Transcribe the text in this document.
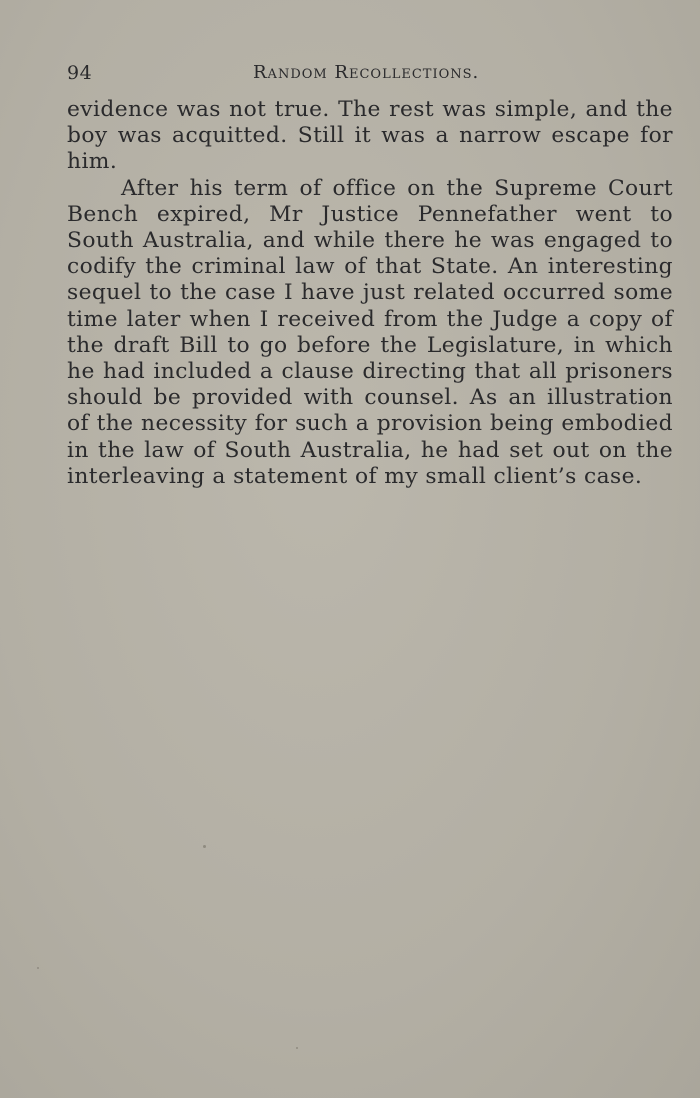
94	Random Recollections.

evidence was not true. The rest was simple, and the boy was acquitted. Still it was a narrow escape for him.

After his term of office on the Supreme Court Bench expired, Mr Justice Pennefather went to South Australia, and while there he was engaged to codify the criminal law of that State. An interesting sequel to the case I have just related occurred some time later when I received from the Judge a copy of the draft Bill to go before the Legislature, in which he had included a clause directing that all prisoners should be provided with counsel. As an illustration of the necessity for such a provision being embodied in the law of South Australia, he had set out on the interleaving a statement of my small client’s case.
